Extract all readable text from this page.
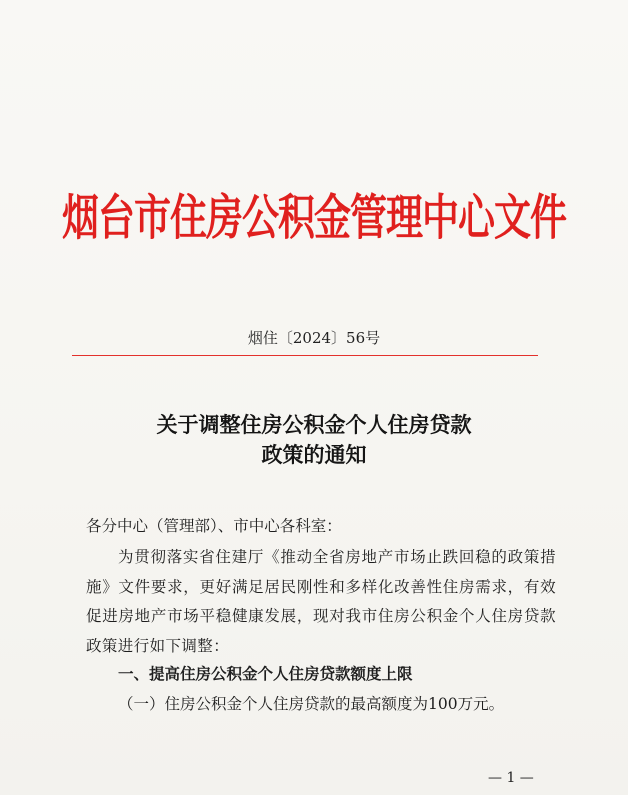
烟台市住房公积金管理中心文件
烟住〔2024〕56号
关于调整住房公积金个人住房贷款
政策的通知
各分中心（管理部）、市中心各科室：
为贯彻落实省住建厅《推动全省房地产市场止跌回稳的政策措施》文件要求，更好满足居民刚性和多样化改善性住房需求，有效促进房地产市场平稳健康发展，现对我市住房公积金个人住房贷款政策进行如下调整：
一、提高住房公积金个人住房贷款额度上限
（一）住房公积金个人住房贷款的最高额度为100万元。
— 1 —
